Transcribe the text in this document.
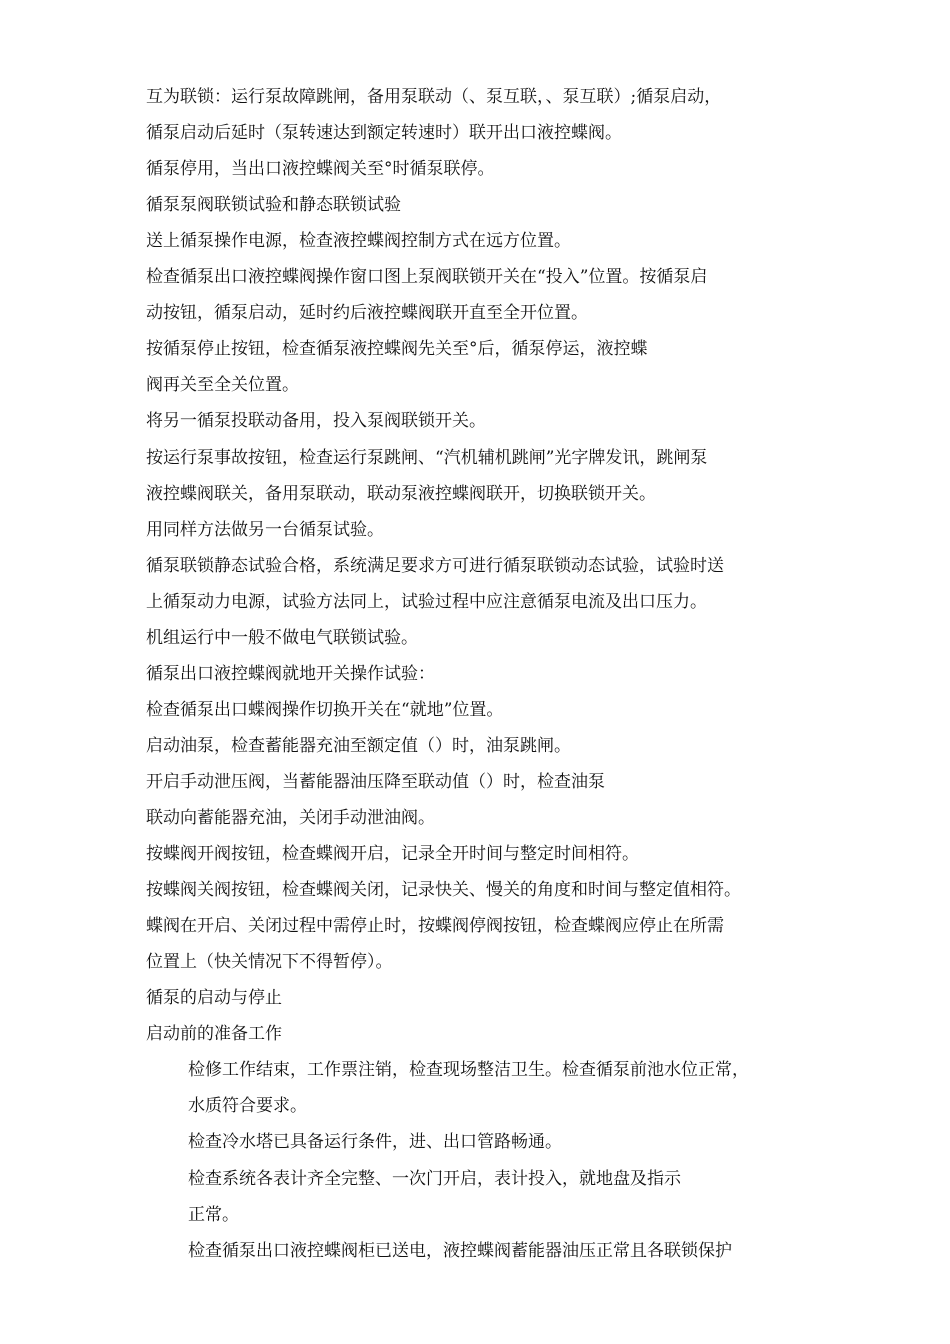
互为联锁：运行泵故障跳闸，备用泵联动（、泵互联，、泵互联）;循泵启动，
循泵启动后延时（泵转速达到额定转速时）联开出口液控蝶阀。
循泵停用，当出口液控蝶阀关至°时循泵联停。
循泵泵阀联锁试验和静态联锁试验
送上循泵操作电源，检查液控蝶阀控制方式在远方位置。
检查循泵出口液控蝶阀操作窗口图上泵阀联锁开关在“投入”位置。按循泵启
动按钮，循泵启动，延时约后液控蝶阀联开直至全开位置。
按循泵停止按钮，检查循泵液控蝶阀先关至°后，循泵停运，液控蝶
阀再关至全关位置。
将另一循泵投联动备用，投入泵阀联锁开关。
按运行泵事故按钮，检查运行泵跳闸、“汽机辅机跳闸”光字牌发讯，跳闸泵
液控蝶阀联关，备用泵联动，联动泵液控蝶阀联开，切换联锁开关。
用同样方法做另一台循泵试验。
循泵联锁静态试验合格，系统满足要求方可进行循泵联锁动态试验，试验时送
上循泵动力电源，试验方法同上，试验过程中应注意循泵电流及出口压力。
机组运行中一般不做电气联锁试验。
循泵出口液控蝶阀就地开关操作试验：
检查循泵出口蝶阀操作切换开关在“就地”位置。
启动油泵，检查蓄能器充油至额定值（）时，油泵跳闸。
开启手动泄压阀，当蓄能器油压降至联动值（）时，检查油泵
联动向蓄能器充油，关闭手动泄油阀。
按蝶阀开阀按钮，检查蝶阀开启，记录全开时间与整定时间相符。
按蝶阀关阀按钮，检查蝶阀关闭，记录快关、慢关的角度和时间与整定值相符。
蝶阀在开启、关闭过程中需停止时，按蝶阀停阀按钮，检查蝶阀应停止在所需
位置上（快关情况下不得暂停）。
循泵的启动与停止
启动前的准备工作
检修工作结束，工作票注销，检查现场整洁卫生。检查循泵前池水位正常，
水质符合要求。
检查冷水塔已具备运行条件，进、出口管路畅通。
检查系统各表计齐全完整、一次门开启，表计投入，就地盘及指示
正常。
检查循泵出口液控蝶阀柜已送电，液控蝶阀蓄能器油压正常且各联锁保护
